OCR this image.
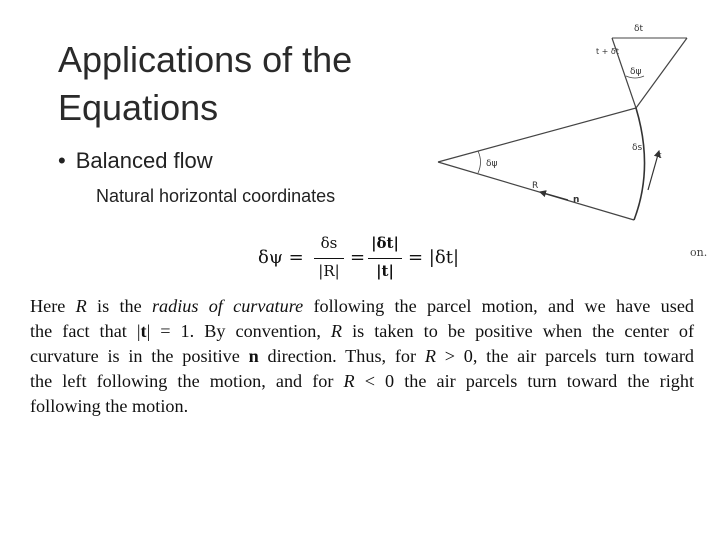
Applications of the Equations
• Balanced flow
Natural horizontal coordinates
δt
t + δt
δψ
δs
t
δψ
R
n
δψ =
δs
|R|
=
|δt|
|t|
= |δt|	on.
Here R is the radius of curvature following the parcel motion, and we have used
the fact that |t| = 1. By convention, R is taken to be positive when the center of
curvature is in the positive n direction. Thus, for R > 0, the air parcels turn toward
the left following the motion, and for R < 0 the air parcels turn toward the right
following the motion.
